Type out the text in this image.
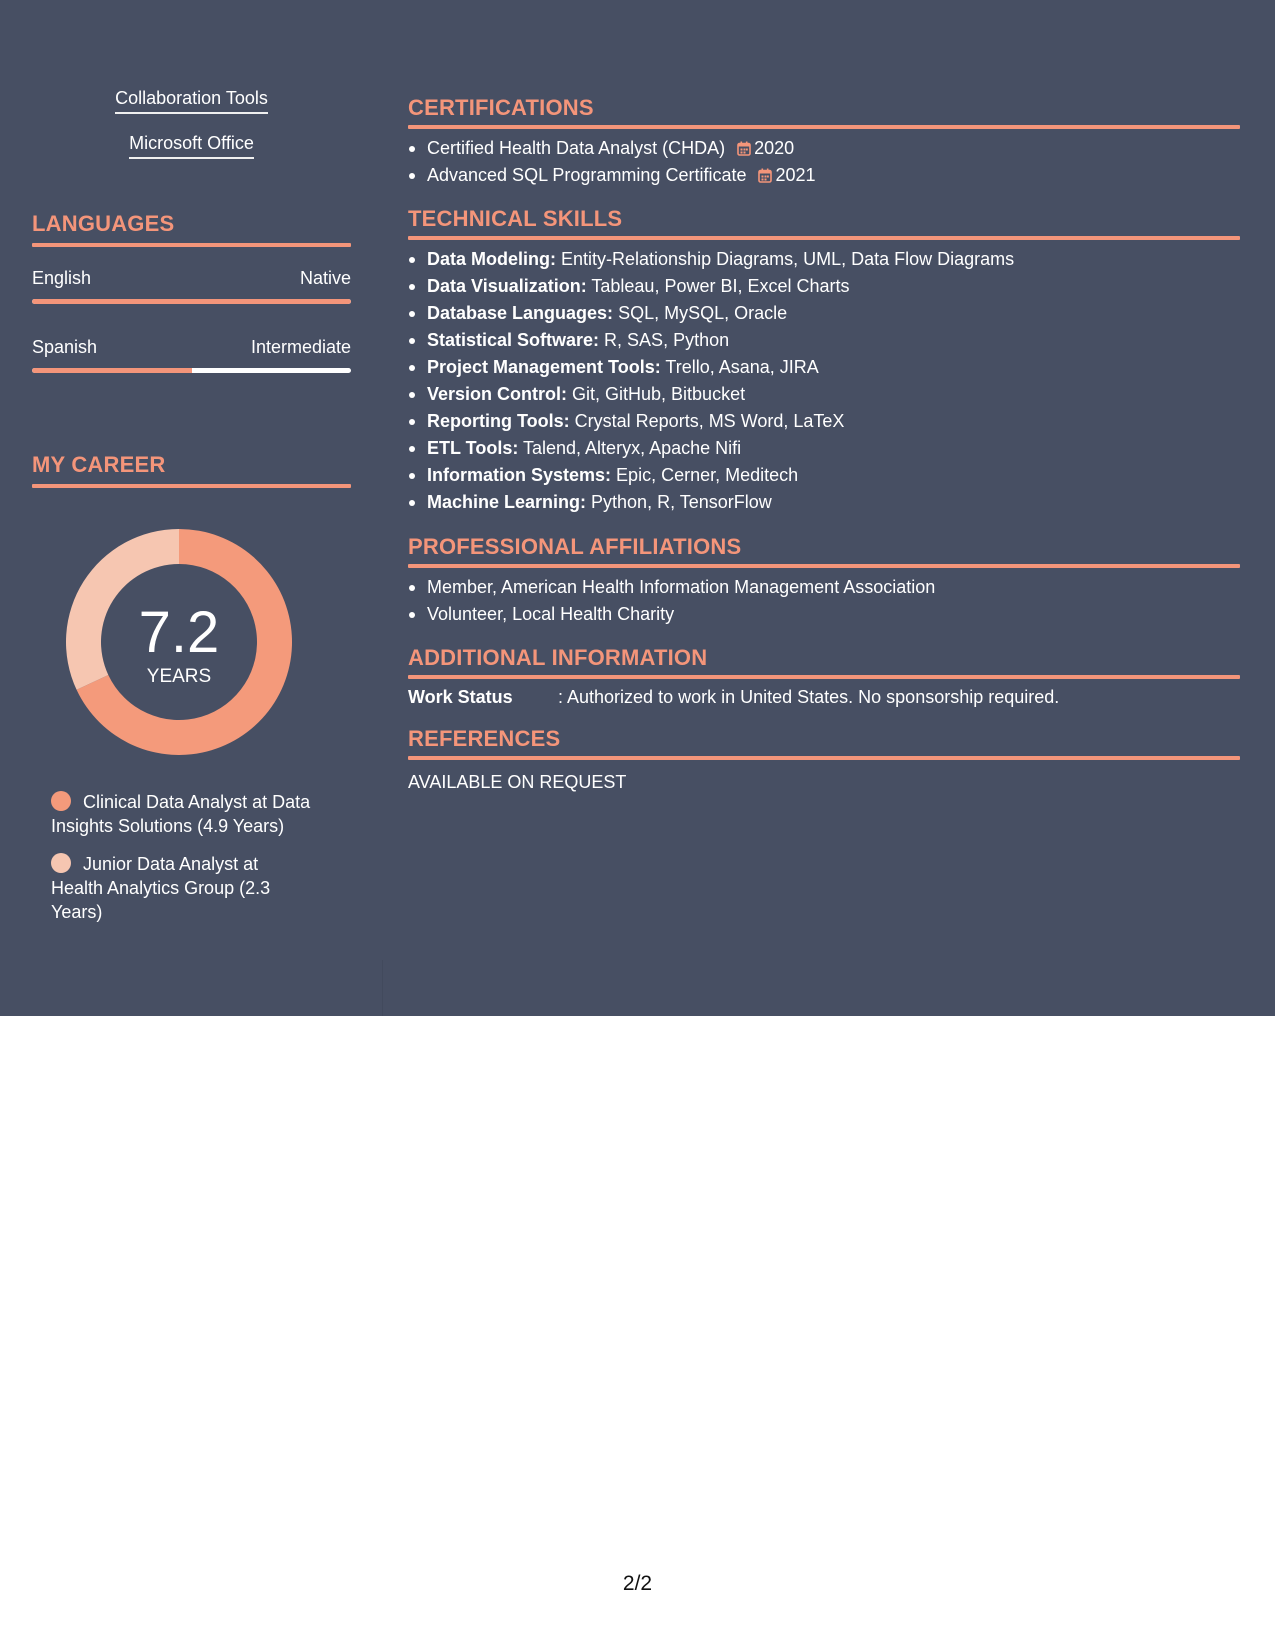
Collaboration Tools
Microsoft Office
LANGUAGES
English	Native
Spanish	Intermediate
MY CAREER
7.2
YEARS
Clinical Data Analyst at Data Insights Solutions (4.9 Years)
Junior Data Analyst at Health Analytics Group (2.3 Years)
CERTIFICATIONS
Certified Health Data Analyst (CHDA) 2020
Advanced SQL Programming Certificate 2021
TECHNICAL SKILLS
Data Modeling: Entity-Relationship Diagrams, UML, Data Flow Diagrams
Data Visualization: Tableau, Power BI, Excel Charts
Database Languages: SQL, MySQL, Oracle
Statistical Software: R, SAS, Python
Project Management Tools: Trello, Asana, JIRA
Version Control: Git, GitHub, Bitbucket
Reporting Tools: Crystal Reports, MS Word, LaTeX
ETL Tools: Talend, Alteryx, Apache Nifi
Information Systems: Epic, Cerner, Meditech
Machine Learning: Python, R, TensorFlow
PROFESSIONAL AFFILIATIONS
Member, American Health Information Management Association
Volunteer, Local Health Charity
ADDITIONAL INFORMATION
Work Status	: Authorized to work in United States. No sponsorship required.
REFERENCES
AVAILABLE ON REQUEST
2/2
